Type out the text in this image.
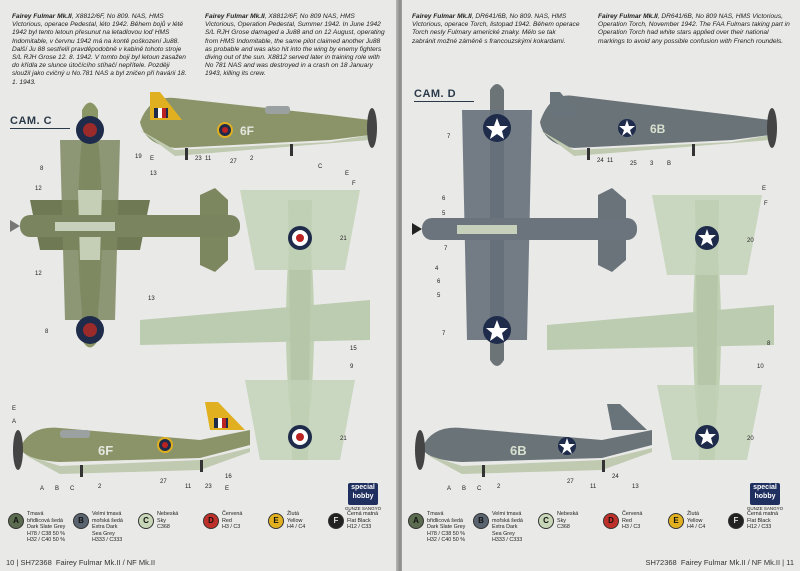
Fairey Fulmar Mk.II, X8812/6F, No 809. NAS, HMS Victorious, operace Pedestal, léto 1942. Během bojů v létě 1942 byl tento letoun přesunut na letadlovou loď HMS Indomitable, v červnu 1942 má na kontě poškození Ju88. Další Ju 88 sestřelil pravděpodobně v kabině tohoto stroje S/L RJH Grose 12. 8. 1942. V tomto boji byl letoun zasažen do křídla ze slunce útočícího stíhačí nepřítele. Později sloužil jako cvičný u No.781 NAS a byl zničen při havárii 18. 1. 1943.
Fairey Fulmar Mk.II, X8812/6F, No 809 NAS, HMS Victorious, Operation Pedestal, Summer 1942. In June 1942 S/L RJH Grose damaged a Ju88 and on 12 August, operating from HMS Indomitable, the same pilot claimed another Ju88 as probable and was also hit into the wing by enemy fighters diving out of the sun. X8812 served later in training role with No 781 NAS and was destroyed in a crash on 18 January 1943, killing its crew.
CAM. C
6F
6F
8
12
13
19 E	23 11	27 2
C
E
F
21
9
12
13
8
E
A
A B C	2
27
11 23
16
21
15
E	special hobby
GUNZE SANGYO
A
Tmavá
břidlicová šedá
Dark Slate Grey
H78 / C38 50 %
H32 / C40 50 %
B
Velmi tmavá
mořská šedá
Extra Dark
Sea Grey
H333 / C333
C
Nebeská
Sky
C368
D
Červená
Red
H3 / C3
E
Žlutá
Yellow
H4 / C4
F
Černá matná
Flat Black
H12 / C33
10 | SH72368 Fairey Fulmar Mk.II / NF Mk.II
Fairey Fulmar Mk.II, DR641/6B, No 809. NAS, HMS Victorious, operace Torch, listopad 1942. Během operace Torch nesly Fulmary americké znaky. Mělo se tak zabránit možné záměně s francouzskými kokardami.
Fairey Fulmar Mk.II, DR641/6B, No 809 NAS, HMS Victorious, Operation Torch, November 1942. The FAA Fulmars taking part in Operation Torch had white stars applied over their national markings to avoid any possible confusion with French roundels.
CAM. D
6B
6B
7
6
5
7
24 11	25 3 B
E
F
20
4
6
5
7
10
8
A B C	2
27
11
24
13
20
special hobby
GUNZE SANGYO
A
Tmavá
břidlicová šedá
Dark Slate Grey
H78 / C38 50 %
H32 / C40 50 %
B
Velmi tmavá
mořská šedá
Extra Dark
Sea Grey
H333 / C333
C
Nebeská
Sky
C368
D
Červená
Red
H3 / C3
E
Žlutá
Yellow
H4 / C4
F
Černá matná
Flat Black
H12 / C33
SH72368 Fairey Fulmar Mk.II / NF Mk.II | 11
